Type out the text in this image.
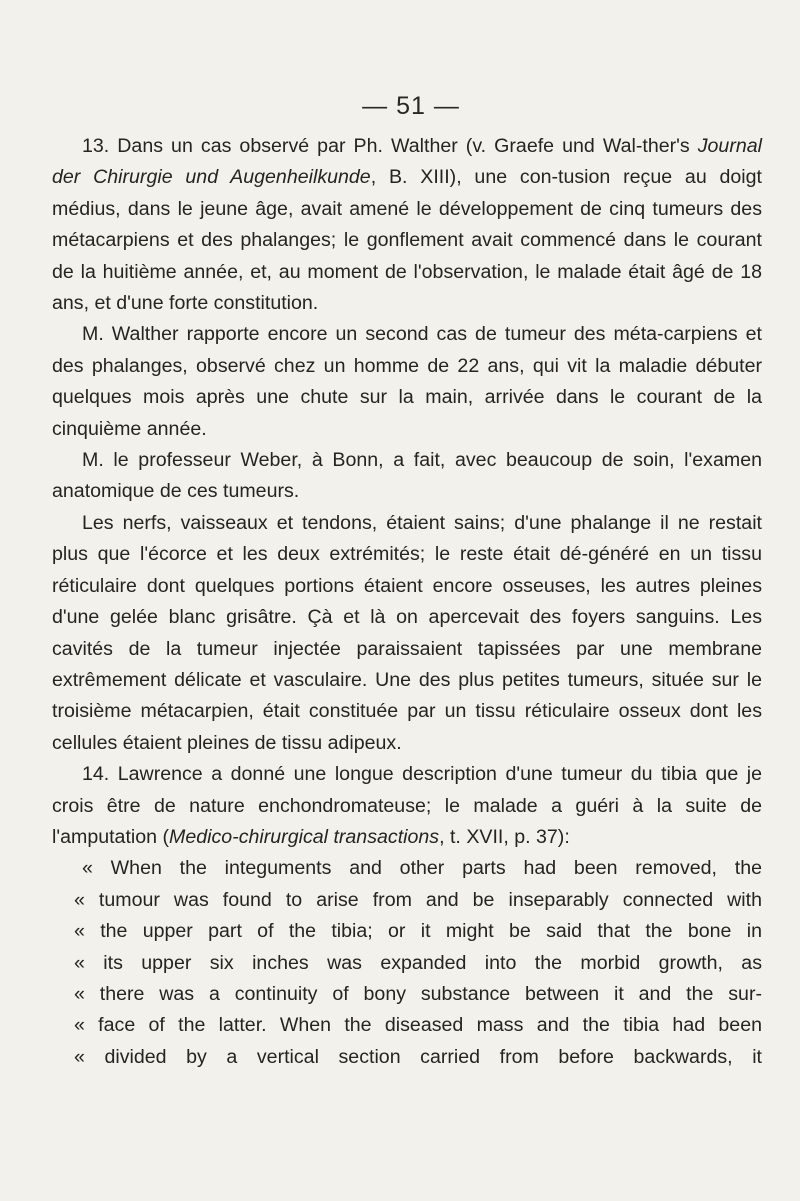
— 51 —

13. Dans un cas observé par Ph. Walther (v. Graefe und Wal-ther's Journal der Chirurgie und Augenheilkunde, B. XIII), une con-tusion reçue au doigt médius, dans le jeune âge, avait amené le développement de cinq tumeurs des métacarpiens et des phalanges; le gonflement avait commencé dans le courant de la huitième année, et, au moment de l'observation, le malade était âgé de 18 ans, et d'une forte constitution.

M. Walther rapporte encore un second cas de tumeur des méta-carpiens et des phalanges, observé chez un homme de 22 ans, qui vit la maladie débuter quelques mois après une chute sur la main, arrivée dans le courant de la cinquième année.

M. le professeur Weber, à Bonn, a fait, avec beaucoup de soin, l'examen anatomique de ces tumeurs.

Les nerfs, vaisseaux et tendons, étaient sains; d'une phalange il ne restait plus que l'écorce et les deux extrémités; le reste était dé-généré en un tissu réticulaire dont quelques portions étaient encore osseuses, les autres pleines d'une gelée blanc grisâtre. Çà et là on apercevait des foyers sanguins. Les cavités de la tumeur injectée paraissaient tapissées par une membrane extrêmement délicate et vasculaire. Une des plus petites tumeurs, située sur le troisième métacarpien, était constituée par un tissu réticulaire osseux dont les cellules étaient pleines de tissu adipeux.

14. Lawrence a donné une longue description d'une tumeur du tibia que je crois être de nature enchondromateuse; le malade a guéri à la suite de l'amputation (Medico-chirurgical transactions, t. XVII, p. 37):

« When the integuments and other parts had been removed, the
« tumour was found to arise from and be inseparably connected with
« the upper part of the tibia; or it might be said that the bone in
« its upper six inches was expanded into the morbid growth, as
« there was a continuity of bony substance between it and the sur-
« face of the latter. When the diseased mass and the tibia had been
« divided by a vertical section carried from before backwards, it
